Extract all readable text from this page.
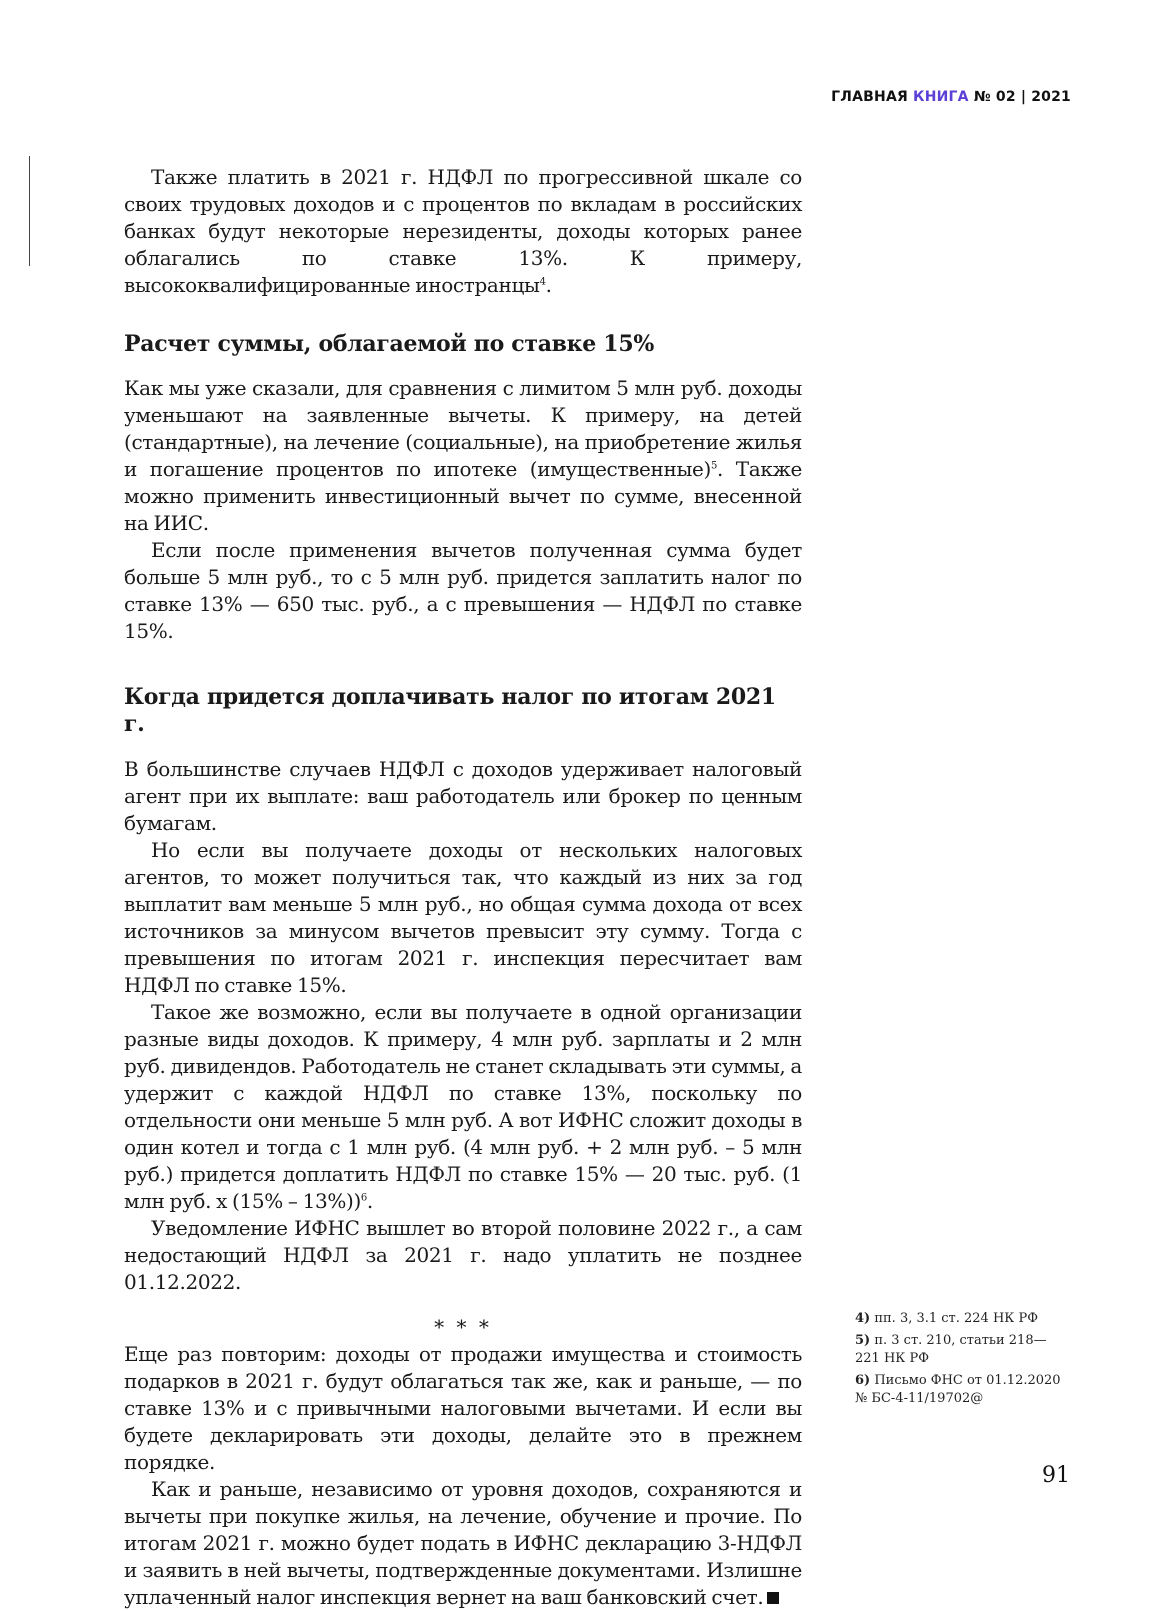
ГЛАВНАЯ КНИГА № 02 | 2021

Также платить в 2021 г. НДФЛ по прогрессивной шкале со своих трудовых доходов и с процентов по вкладам в российских банках будут некоторые нерезиденты, доходы которых ранее облагались по ставке 13%. К примеру, высококвалифицированные иностранцы$^4$.

Расчет суммы, облагаемой по ставке 15%

Как мы уже сказали, для сравнения с лимитом 5 млн руб. доходы уменьшают на заявленные вычеты. К примеру, на детей (стандартные), на лечение (социальные), на приобретение жилья и погашение процентов по ипотеке (имущественные)$^5$. Также можно применить инвестиционный вычет по сумме, внесенной на ИИС.

Если после применения вычетов полученная сумма будет больше 5 млн руб., то с 5 млн руб. придется заплатить налог по ставке 13% — 650 тыс. руб., а с превышения — НДФЛ по ставке 15%.

Когда придется доплачивать налог по итогам 2021 г.

В большинстве случаев НДФЛ с доходов удерживает налоговый агент при их выплате: ваш работодатель или брокер по ценным бумагам.

Но если вы получаете доходы от нескольких налоговых агентов, то может получиться так, что каждый из них за год выплатит вам меньше 5 млн руб., но общая сумма дохода от всех источников за минусом вычетов превысит эту сумму. Тогда с превышения по итогам 2021 г. инспекция пересчитает вам НДФЛ по ставке 15%.

Такое же возможно, если вы получаете в одной организации разные виды доходов. К примеру, 4 млн руб. зарплаты и 2 млн руб. дивидендов. Работодатель не станет складывать эти суммы, а удержит с каждой НДФЛ по ставке 13%, поскольку по отдельности они меньше 5 млн руб. А вот ИФНС сложит доходы в один котел и тогда с 1 млн руб. (4 млн руб. + 2 млн руб. – 5 млн руб.) придется доплатить НДФЛ по ставке 15% — 20 тыс. руб. (1 млн руб. х (15% – 13%))$^6$.

Уведомление ИФНС вышлет во второй половине 2022 г., а сам недостающий НДФЛ за 2021 г. надо уплатить не позднее 01.12.2022.

* * *

Еще раз повторим: доходы от продажи имущества и стоимость подарков в 2021 г. будут облагаться так же, как и раньше, — по ставке 13% и с привычными налоговыми вычетами. И если вы будете декларировать эти доходы, делайте это в прежнем порядке.

Как и раньше, независимо от уровня доходов, сохраняются и вычеты при покупке жилья, на лечение, обучение и прочие. По итогам 2021 г. можно будет подать в ИФНС декларацию 3-НДФЛ и заявить в ней вычеты, подтвержденные документами. Излишне уплаченный налог инспекция вернет на ваш банковский счет.

4) пп. 3, 3.1 ст. 224 НК РФ
5) п. 3 ст. 210, статьи 218—221 НК РФ
6) Письмо ФНС от 01.12.2020 № БС-4-11/19702@
91
